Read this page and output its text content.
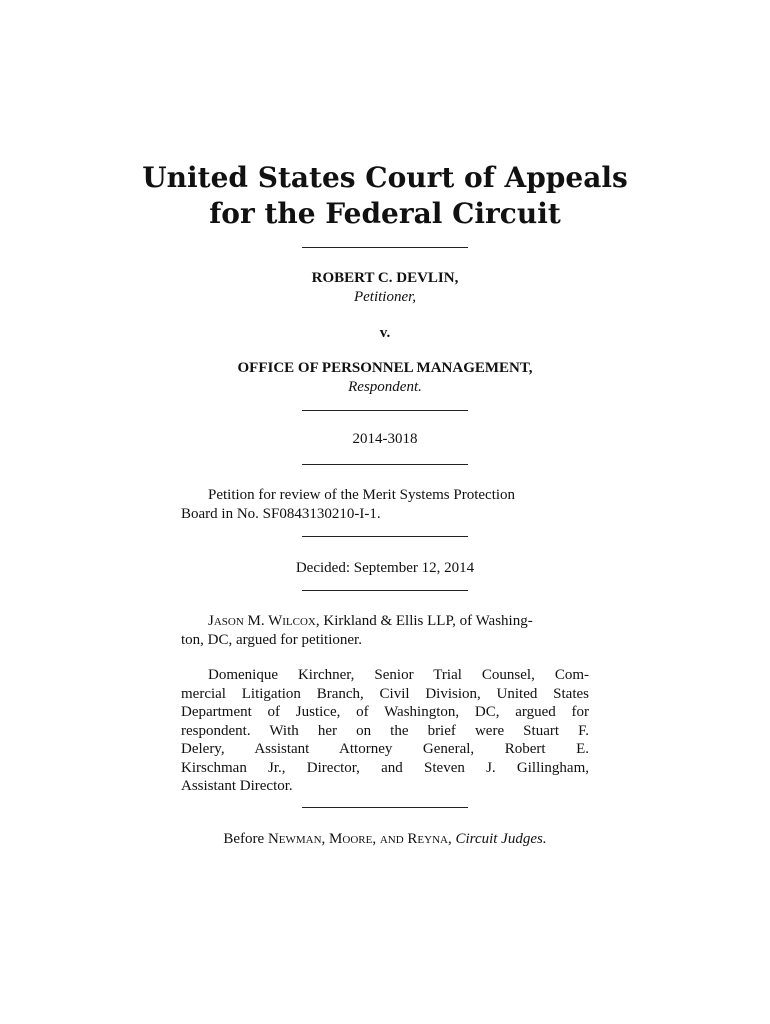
United States Court of Appeals
for the Federal Circuit
ROBERT C. DEVLIN,
Petitioner,
v.
OFFICE OF PERSONNEL MANAGEMENT,
Respondent.
2014-3018
Petition for review of the Merit Systems Protection
Board in No. SF0843130210-I-1.
Decided: September 12, 2014
Jason M. Wilcox, Kirkland & Ellis LLP, of Washing-
ton, DC, argued for petitioner.
Domenique Kirchner, Senior Trial Counsel, Com-
mercial Litigation Branch, Civil Division, United States
Department of Justice, of Washington, DC, argued for
respondent. With her on the brief were Stuart F.
Delery, Assistant Attorney General, Robert E.
Kirschman Jr., Director, and Steven J. Gillingham,
Assistant Director.
Before Newman, Moore, and Reyna, Circuit Judges.
